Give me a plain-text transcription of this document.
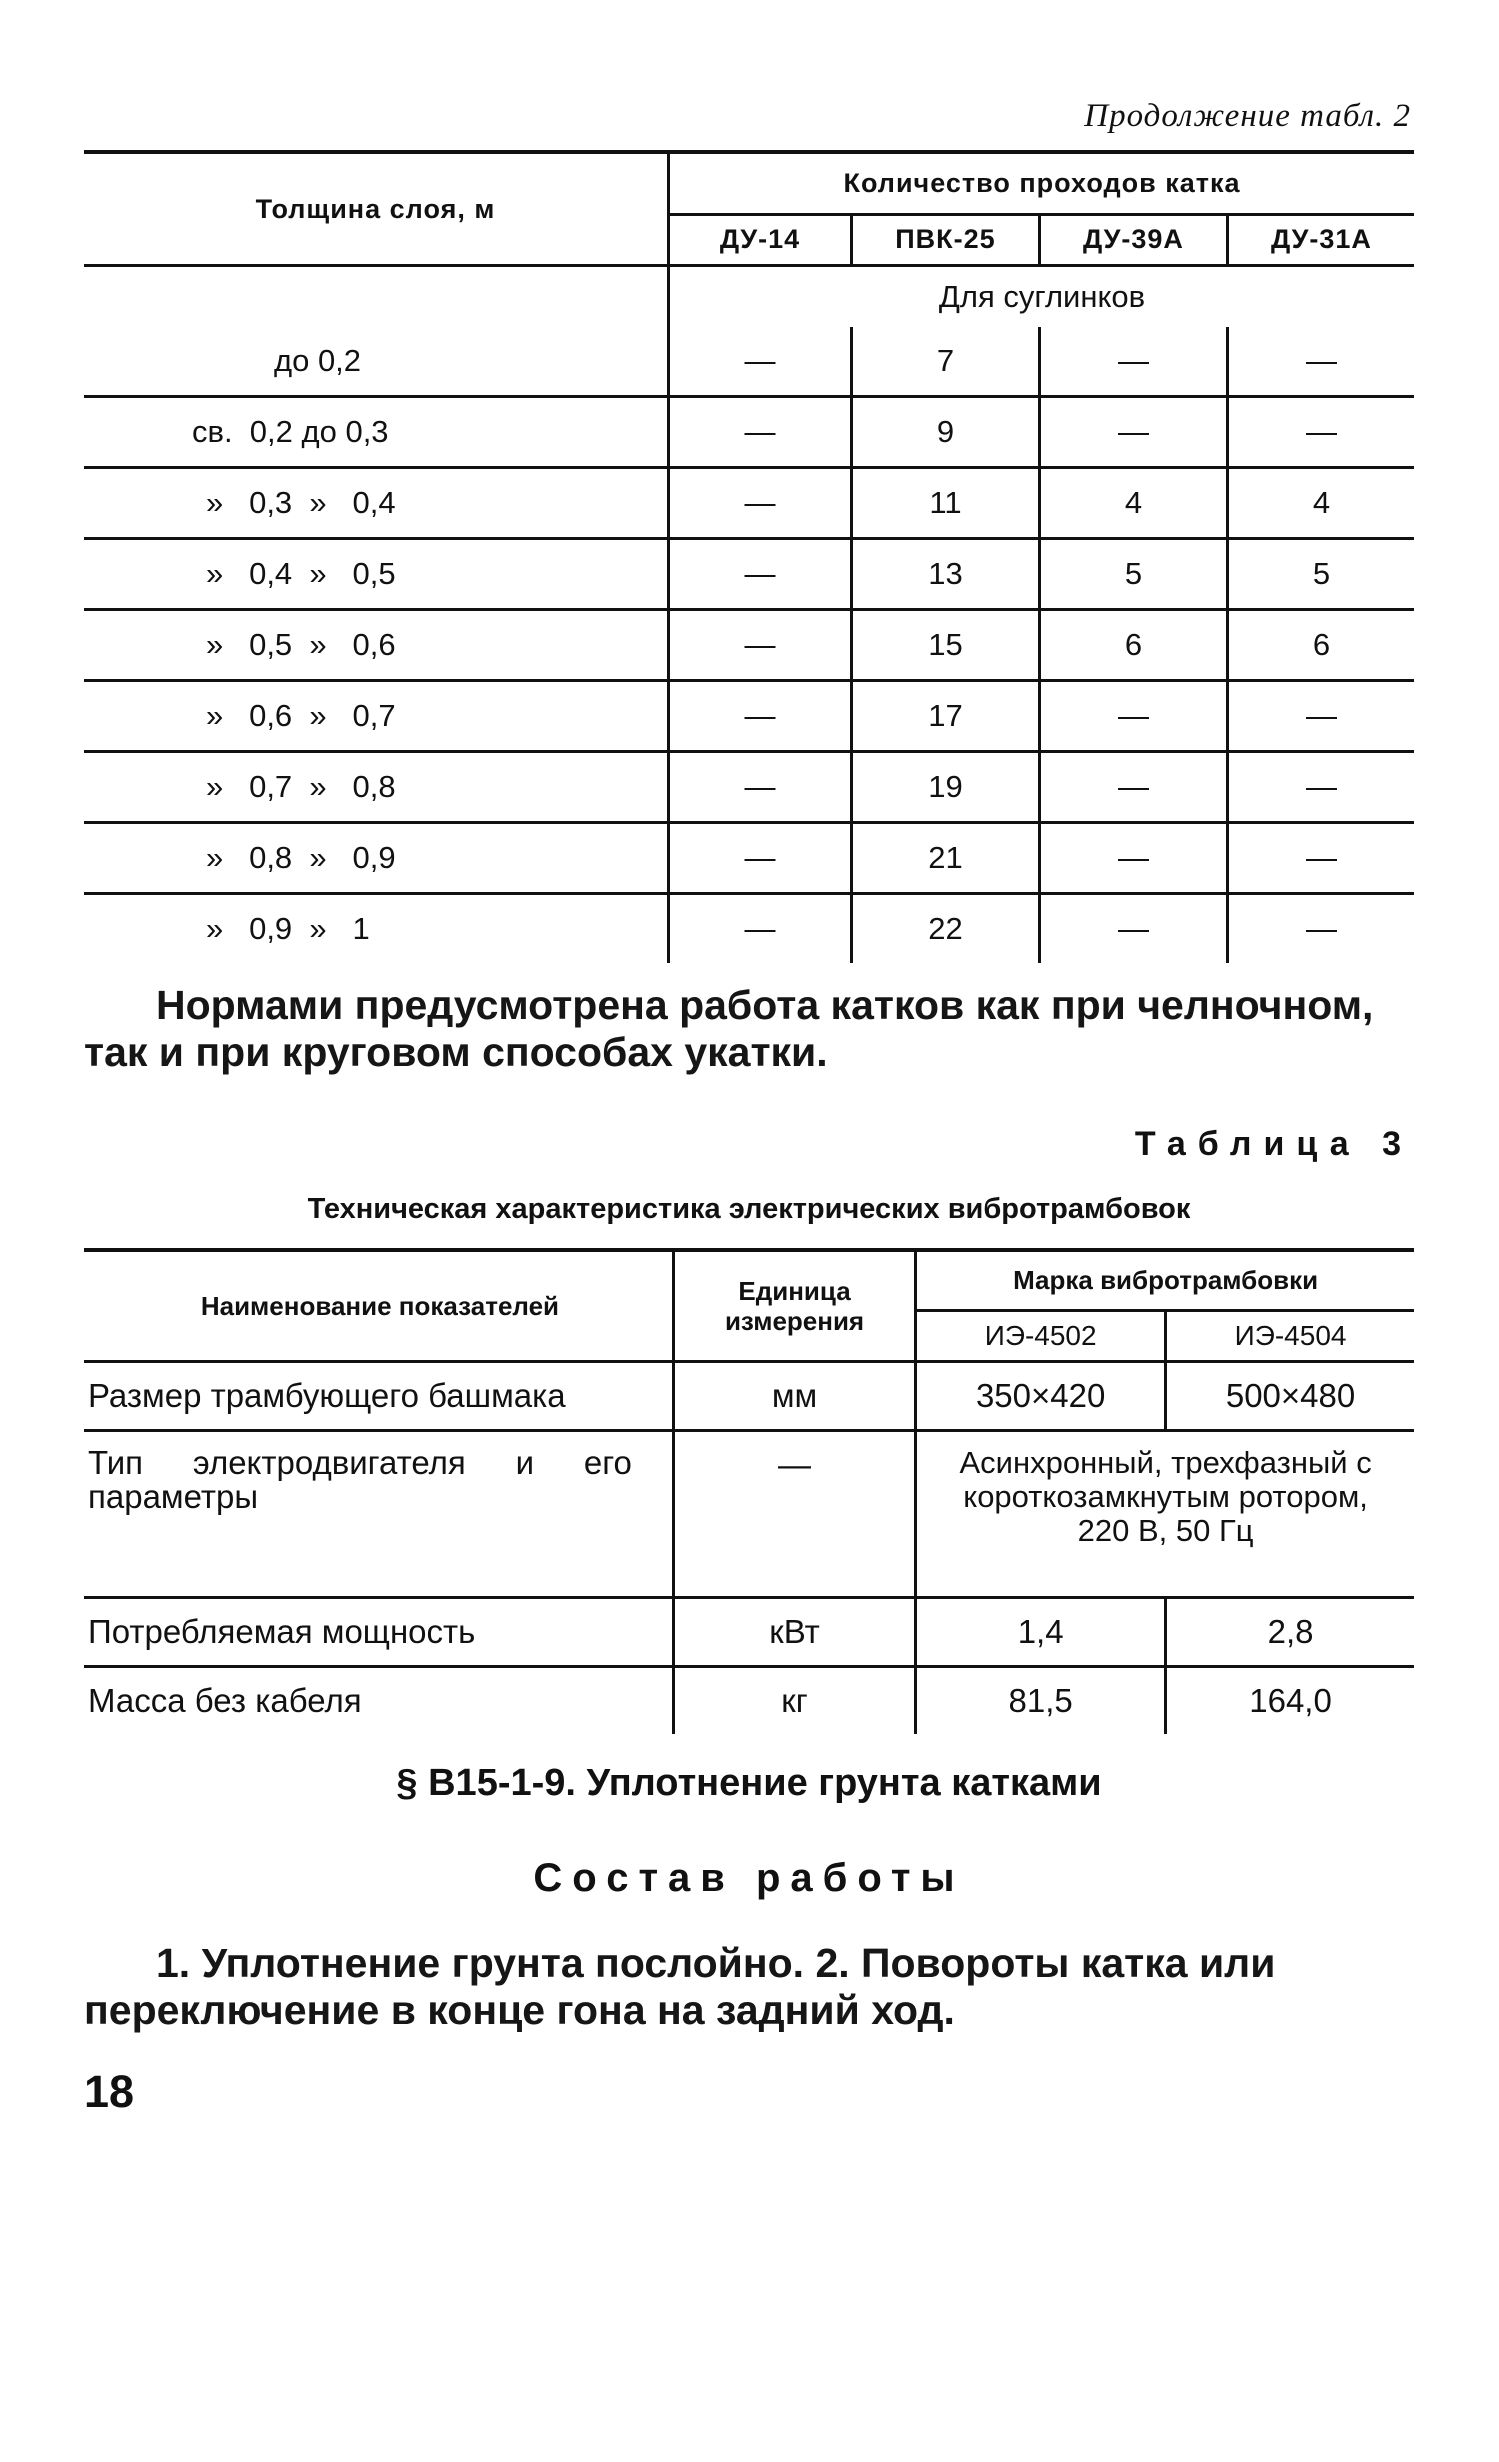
Продолжение табл. 2
Толщина слоя, м	Количество проходов катка			
	ДУ-14	ПВК-25	ДУ-39А	ДУ-31А
	Для суглинков			
до 0,2	—	7	—	—
св.  0,2 до 0,3	—	9	—	—
»   0,3  »   0,4	—	11	4	4
»   0,4  »   0,5	—	13	5	5
»   0,5  »   0,6	—	15	6	6
»   0,6  »   0,7	—	17	—	—
»   0,7  »   0,8	—	19	—	—
»   0,8  »   0,9	—	21	—	—
»   0,9  »   1	—	22	—	—
Нормами предусмотрена работа катков как при челночном, так и при круговом способах укатки.
Таблица 3
Техническая характеристика электрических вибротрамбовок
Наименование показателей	Единица измерения	Марка вибротрамбовки	
		ИЭ-4502	ИЭ-4504
Размер трамбующего башмака	мм	350×420	500×480
Тип электродвигателя и его параметры	—	Асинхронный, трехфазный с короткозамкнутым ротором, 220 В, 50 Гц	
Потребляемая мощность	кВт	1,4	2,8
Масса без кабеля	кг	81,5	164,0
§ В15-1-9. Уплотнение грунта катками
Состав работы
1. Уплотнение грунта послойно. 2. Повороты катка или переключение в конце гона на задний ход.
18
